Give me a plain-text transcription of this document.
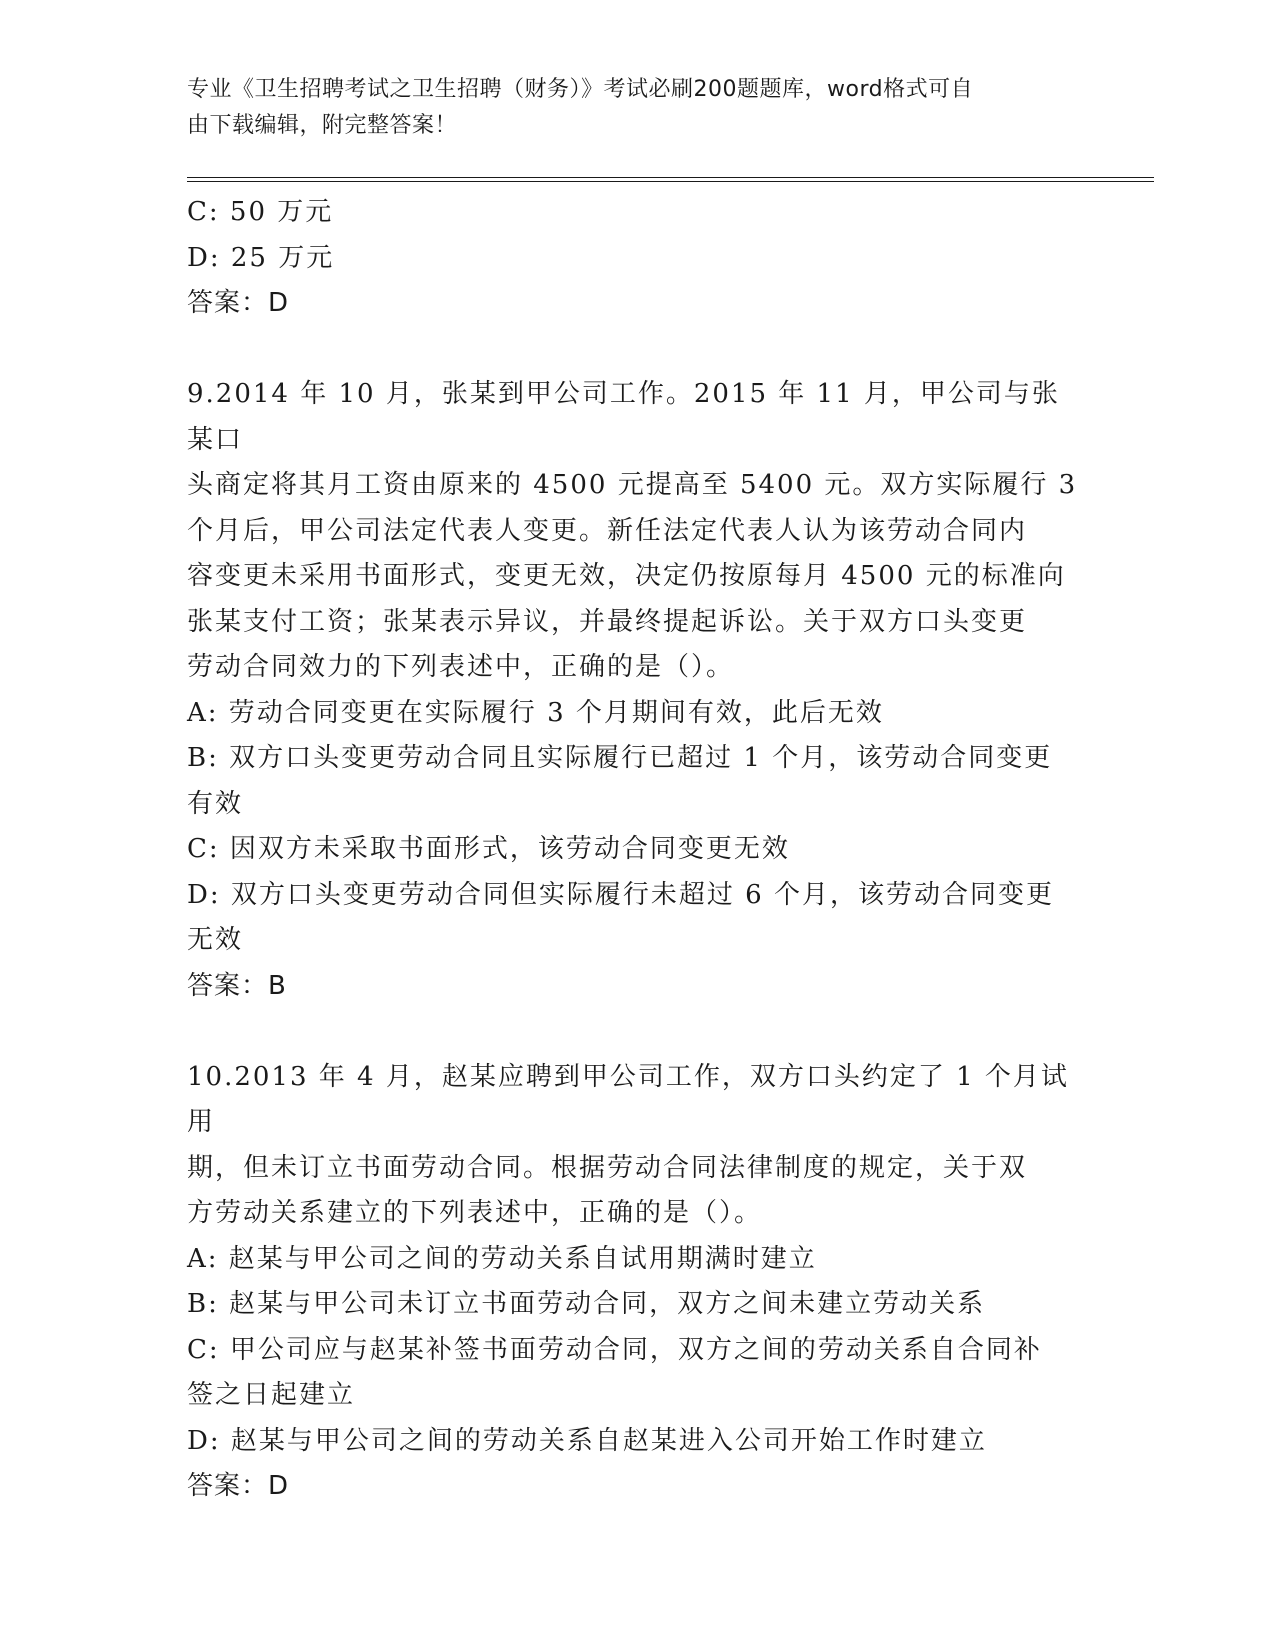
专业《卫生招聘考试之卫生招聘（财务）》考试必刷200题题库，word格式可自
由下载编辑，附完整答案！
C: 50 万元
D: 25 万元
答案：D
9.2014 年 10 月，张某到甲公司工作。2015 年 11 月，甲公司与张某口
头商定将其月工资由原来的 4500 元提高至 5400 元。双方实际履行 3
个月后，甲公司法定代表人变更。新任法定代表人认为该劳动合同内
容变更未采用书面形式，变更无效，决定仍按原每月 4500 元的标准向
张某支付工资；张某表示异议，并最终提起诉讼。关于双方口头变更
劳动合同效力的下列表述中，正确的是（）。
A: 劳动合同变更在实际履行 3 个月期间有效，此后无效
B: 双方口头变更劳动合同且实际履行已超过 1 个月，该劳动合同变更
有效
C: 因双方未采取书面形式，该劳动合同变更无效
D: 双方口头变更劳动合同但实际履行未超过 6 个月，该劳动合同变更
无效
答案：B
10.2013 年 4 月，赵某应聘到甲公司工作，双方口头约定了 1 个月试用
期，但未订立书面劳动合同。根据劳动合同法律制度的规定，关于双
方劳动关系建立的下列表述中，正确的是（）。
A: 赵某与甲公司之间的劳动关系自试用期满时建立
B: 赵某与甲公司未订立书面劳动合同，双方之间未建立劳动关系
C: 甲公司应与赵某补签书面劳动合同，双方之间的劳动关系自合同补
签之日起建立
D: 赵某与甲公司之间的劳动关系自赵某进入公司开始工作时建立
答案：D
